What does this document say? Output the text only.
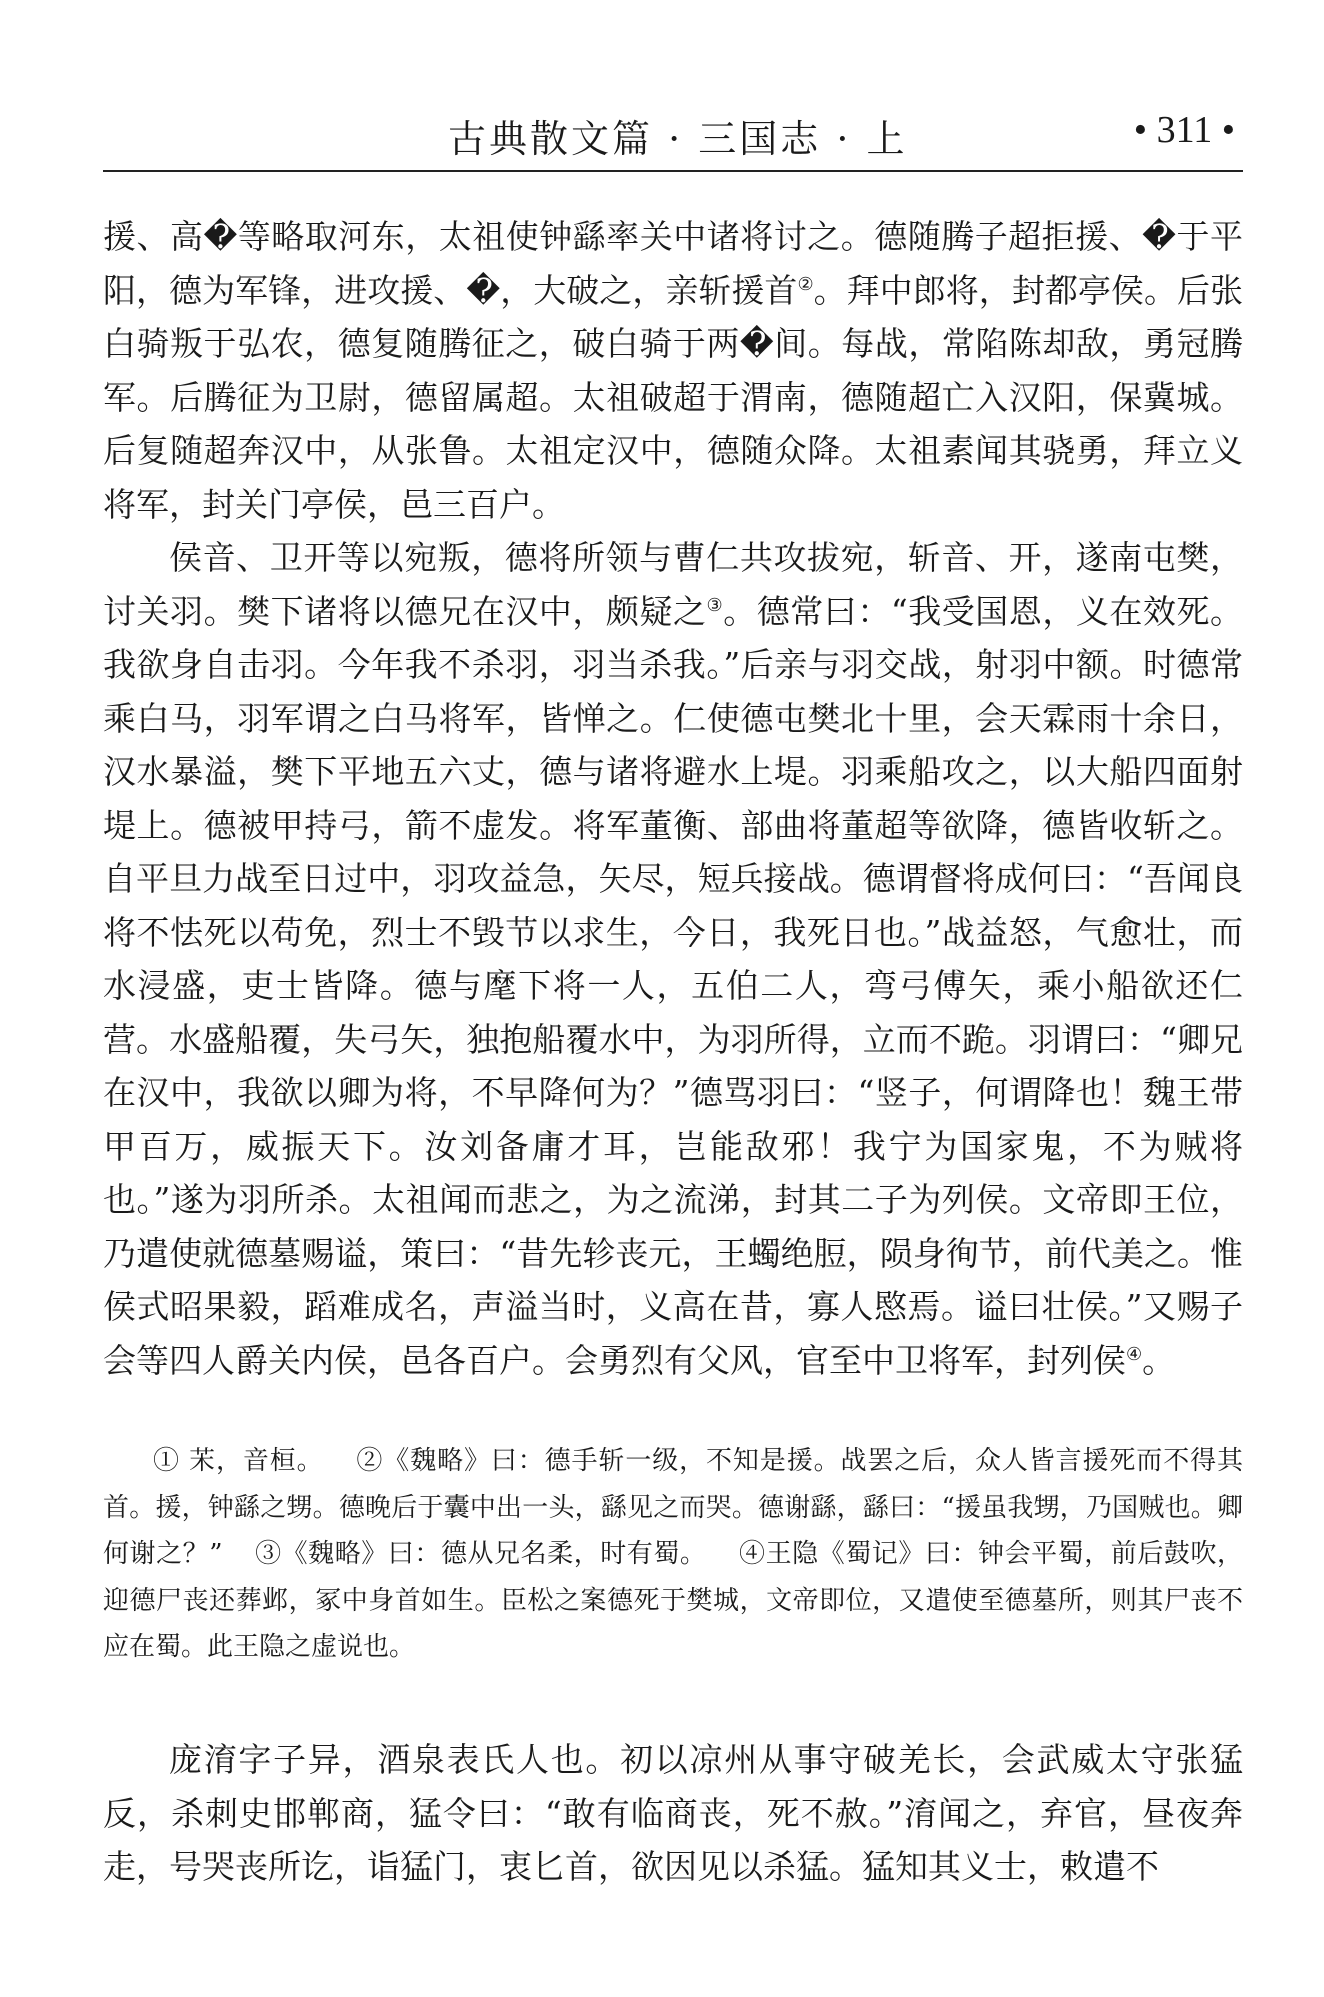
古典散文篇 · 三国志 · 上	• 311 •

援、高�等略取河东，太祖使钟繇率关中诸将讨之。德随腾子超拒援、�于平阳，德为军锋，进攻援、�，大破之，亲斩援首②。拜中郎将，封都亭侯。后张白骑叛于弘农，德复随腾征之，破白骑于两�间。每战，常陷陈却敌，勇冠腾军。后腾征为卫尉，德留属超。太祖破超于渭南，德随超亡入汉阳，保冀城。后复随超奔汉中，从张鲁。太祖定汉中，德随众降。太祖素闻其骁勇，拜立义将军，封关门亭侯，邑三百户。

侯音、卫开等以宛叛，德将所领与曹仁共攻拔宛，斩音、开，遂南屯樊，讨关羽。樊下诸将以德兄在汉中，颇疑之③。德常曰：“我受国恩，义在效死。我欲身自击羽。今年我不杀羽，羽当杀我。”后亲与羽交战，射羽中额。时德常乘白马，羽军谓之白马将军，皆惮之。仁使德屯樊北十里，会天霖雨十余日，汉水暴溢，樊下平地五六丈，德与诸将避水上堤。羽乘船攻之，以大船四面射堤上。德被甲持弓，箭不虚发。将军董衡、部曲将董超等欲降，德皆收斩之。自平旦力战至日过中，羽攻益急，矢尽，短兵接战。德谓督将成何曰：“吾闻良将不怯死以苟免，烈士不毁节以求生，今日，我死日也。”战益怒，气愈壮，而水浸盛，吏士皆降。德与麾下将一人，五伯二人，弯弓傅矢，乘小船欲还仁营。水盛船覆，失弓矢，独抱船覆水中，为羽所得，立而不跪。羽谓曰：“卿兄在汉中，我欲以卿为将，不早降何为？”德骂羽曰：“竖子，何谓降也！魏王带甲百万，威振天下。汝刘备庸才耳，岂能敌邪！我宁为国家鬼，不为贼将也。”遂为羽所杀。太祖闻而悲之，为之流涕，封其二子为列侯。文帝即王位，乃遣使就德墓赐谥，策曰：“昔先轸丧元，王蠋绝脰，陨身徇节，前代美之。惟侯式昭果毅，蹈难成名，声溢当时，义高在昔，寡人愍焉。谥曰壮侯。”又赐子会等四人爵关内侯，邑各百户。会勇烈有父风，官至中卫将军，封列侯④。

① 㭉，音桓。 ②《魏略》曰：德手斩一级，不知是援。战罢之后，众人皆言援死而不得其首。援，钟繇之甥。德晚后于囊中出一头，繇见之而哭。德谢繇，繇曰：“援虽我甥，乃国贼也。卿何谢之？” ③《魏略》曰：德从兄名柔，时有蜀。 ④王隐《蜀记》曰：钟会平蜀，前后鼓吹，迎德尸丧还葬邺，冢中身首如生。臣松之案德死于樊城，文帝即位，又遣使至德墓所，则其尸丧不应在蜀。此王隐之虚说也。

庞淯字子异，酒泉表氏人也。初以凉州从事守破羌长，会武威太守张猛反，杀刺史邯郸商，猛令曰：“敢有临商丧，死不赦。”淯闻之，弃官，昼夜奔走，号哭丧所讫，诣猛门，衷匕首，欲因见以杀猛。猛知其义士，敕遣不
